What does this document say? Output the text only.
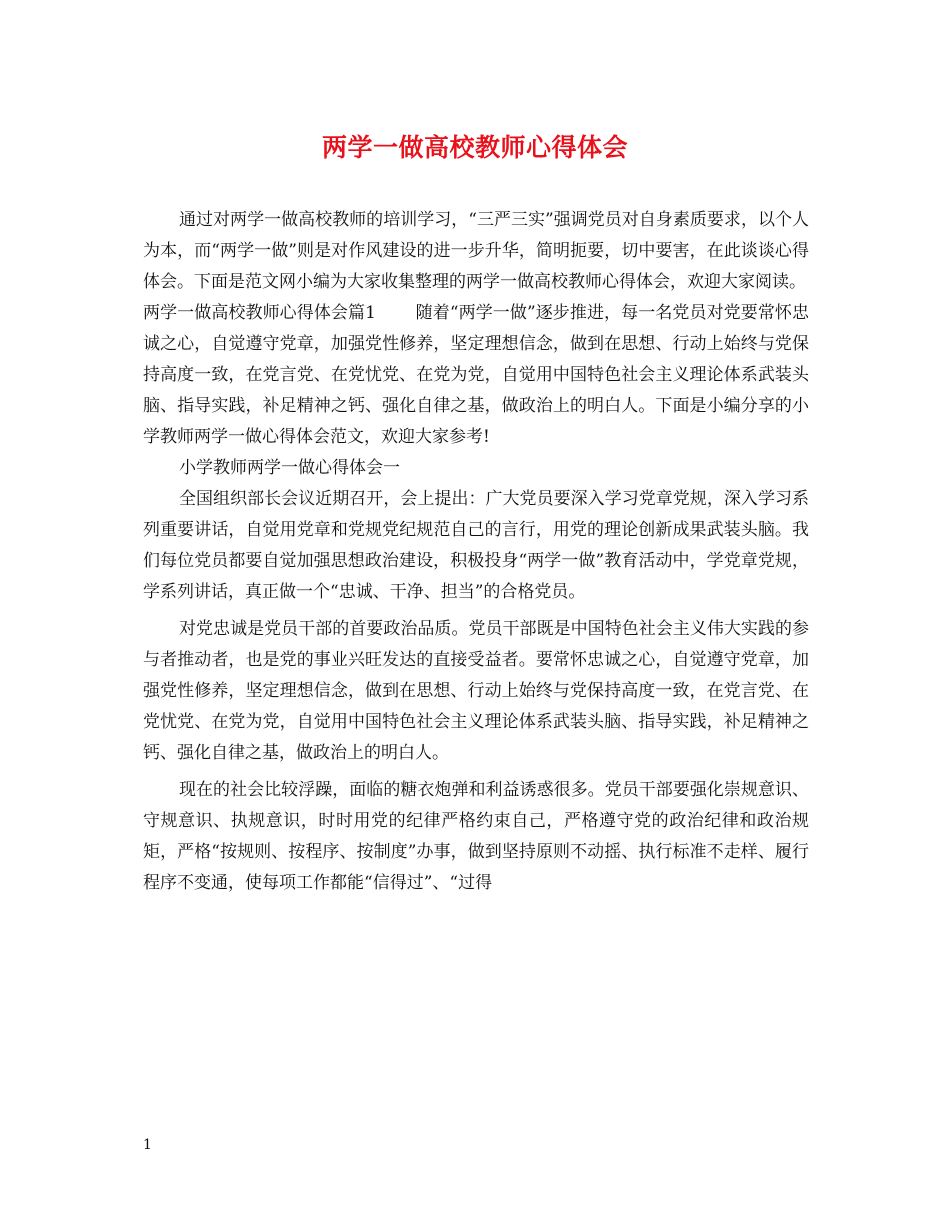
两学一做高校教师心得体会

通过对两学一做高校教师的培训学习，“三严三实”强调党员对自身素质要求，以个人为本，而“两学一做”则是对作风建设的进一步升华，简明扼要，切中要害，在此谈谈心得体会。下面是范文网小编为大家收集整理的两学一做高校教师心得体会，欢迎大家阅读。

两学一做高校教师心得体会篇1　　 随着“两学一做”逐步推进，每一名党员对党要常怀忠诚之心，自觉遵守党章，加强党性修养，坚定理想信念，做到在思想、行动上始终与党保持高度一致，在党言党、在党忧党、在党为党，自觉用中国特色社会主义理论体系武装头脑、指导实践，补足精神之钙、强化自律之基，做政治上的明白人。下面是小编分享的小学教师两学一做心得体会范文，欢迎大家参考!

小学教师两学一做心得体会一

全国组织部长会议近期召开，会上提出：广大党员要深入学习党章党规，深入学习系列重要讲话，自觉用党章和党规党纪规范自己的言行，用党的理论创新成果武装头脑。我们每位党员都要自觉加强思想政治建设，积极投身“两学一做”教育活动中，学党章党规，学系列讲话，真正做一个“忠诚、干净、担当”的合格党员。

对党忠诚是党员干部的首要政治品质。党员干部既是中国特色社会主义伟大实践的参与者推动者，也是党的事业兴旺发达的直接受益者。要常怀忠诚之心，自觉遵守党章，加强党性修养，坚定理想信念，做到在思想、行动上始终与党保持高度一致，在党言党、在党忧党、在党为党，自觉用中国特色社会主义理论体系武装头脑、指导实践，补足精神之钙、强化自律之基，做政治上的明白人。

现在的社会比较浮躁，面临的糖衣炮弹和利益诱惑很多。党员干部要强化崇规意识、守规意识、执规意识，时时用党的纪律严格约束自己，严格遵守党的政治纪律和政治规矩，严格“按规则、按程序、按制度”办事，做到坚持原则不动摇、执行标准不走样、履行程序不变通，使每项工作都能“信得过”、“过得

1
